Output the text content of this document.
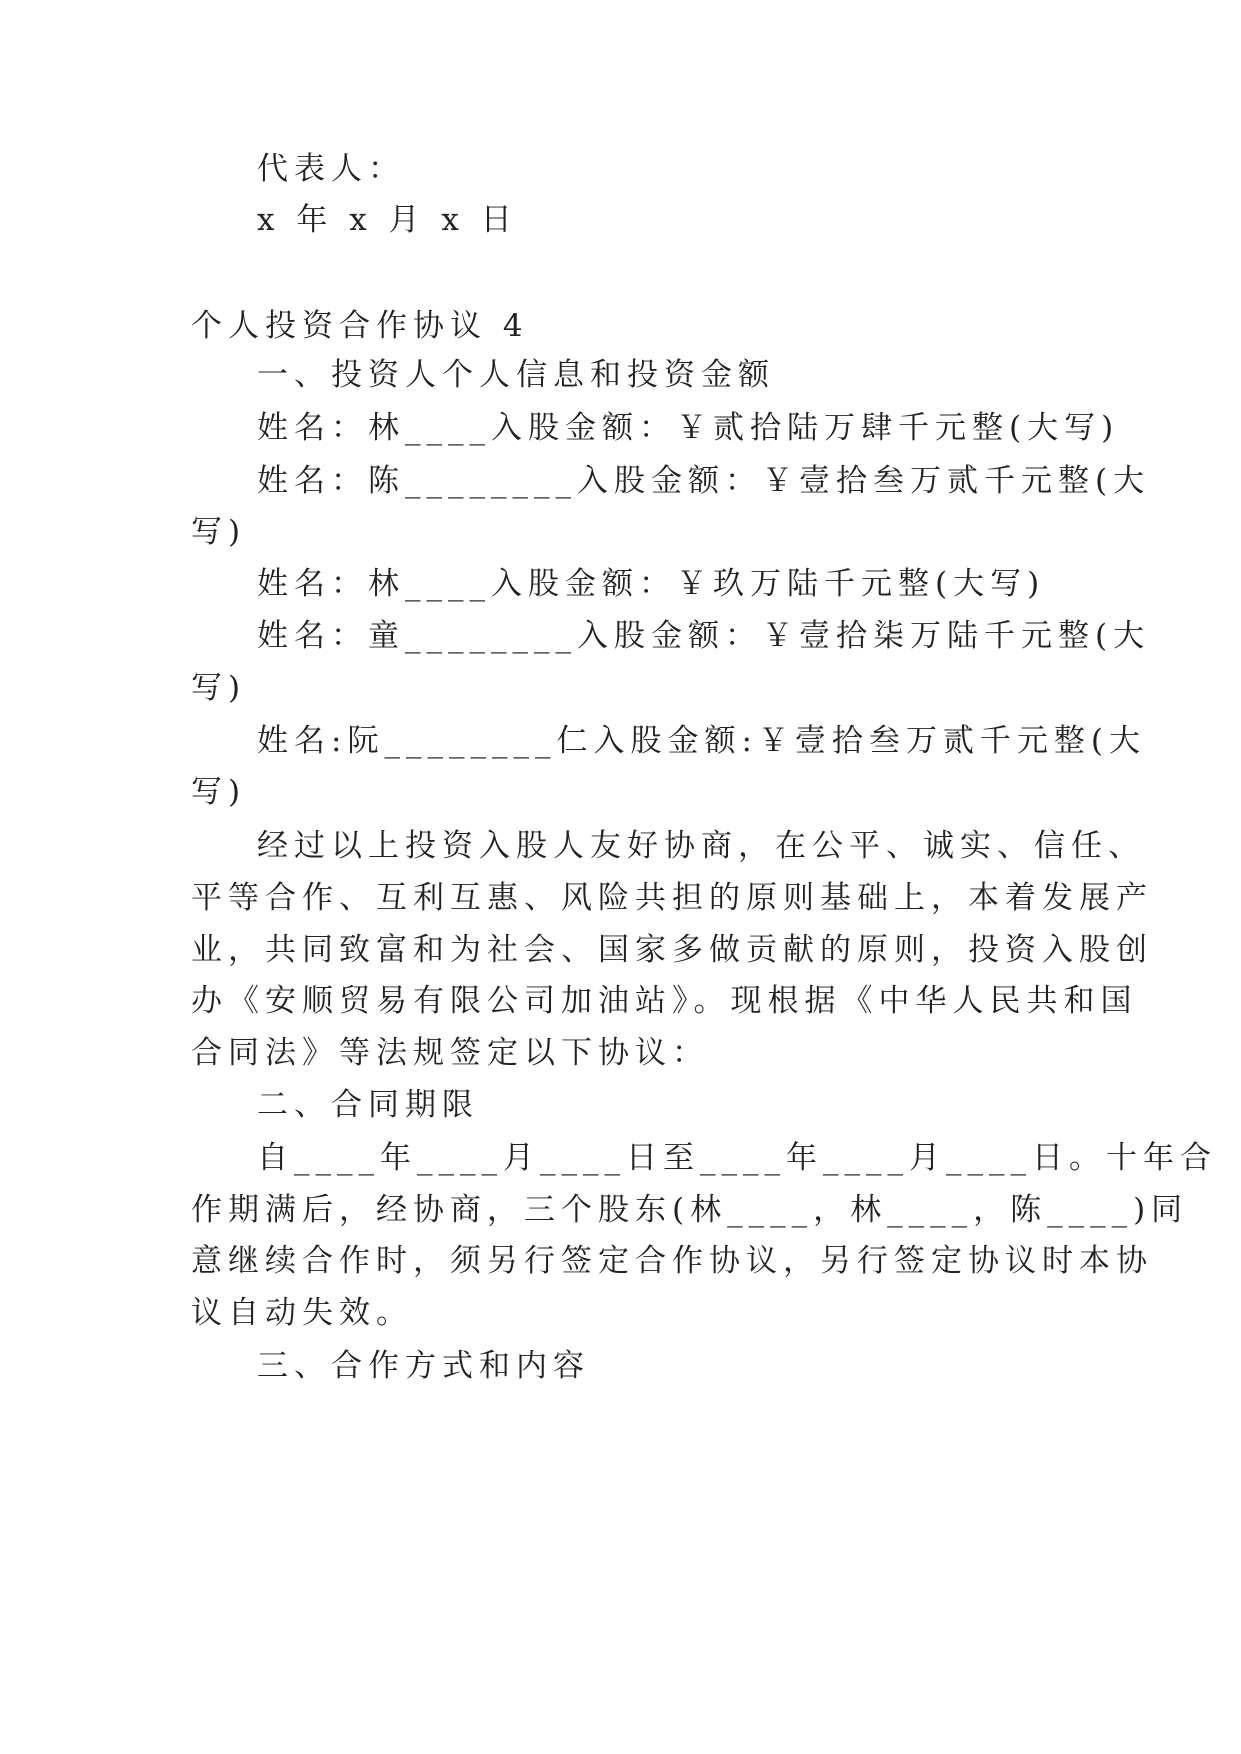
代表人：
x 年 x 月 x 日
个人投资合作协议 4
一、投资人个人信息和投资金额
姓名：林____入股金额：￥贰拾陆万肆千元整(大写)
姓名：陈________入股金额：￥壹拾叁万贰千元整(大
写)
姓名：林____入股金额：￥玖万陆千元整(大写)
姓名：童________入股金额：￥壹拾柒万陆千元整(大
写)
姓名:阮________仁入股金额:￥壹拾叁万贰千元整(大
写)
经过以上投资入股人友好协商，在公平、诚实、信任、
平等合作、互利互惠、风险共担的原则基础上，本着发展产
业，共同致富和为社会、国家多做贡献的原则，投资入股创
办《安顺贸易有限公司加油站》。现根据《中华人民共和国
合同法》等法规签定以下协议：
二、合同期限
自____年____月____日至____年____月____日。十年合
作期满后，经协商，三个股东(林____，林____，陈____)同
意继续合作时，须另行签定合作协议，另行签定协议时本协
议自动失效。
三、合作方式和内容
